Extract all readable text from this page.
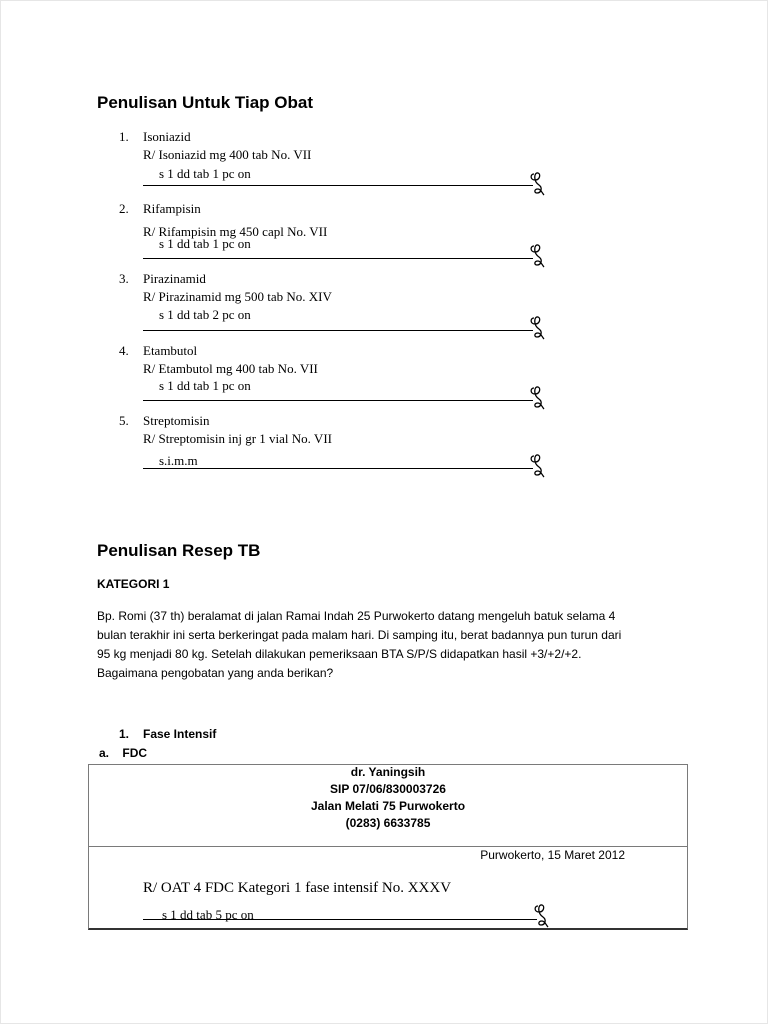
Penulisan Untuk Tiap Obat
1. Isoniazid
R/ Isoniazid mg 400 tab No. VII
s 1 dd tab 1 pc on
2. Rifampisin
R/ Rifampisin mg 450 capl No. VII
s 1 dd tab 1 pc on
3. Pirazinamid
R/ Pirazinamid mg 500 tab No. XIV
s 1 dd tab 2 pc on
4. Etambutol
R/ Etambutol mg 400 tab No. VII
s 1 dd tab 1 pc on
5. Streptomisin
R/ Streptomisin inj gr 1 vial No. VII
s.i.m.m
Penulisan Resep TB
KATEGORI 1
Bp. Romi (37 th) beralamat di jalan Ramai Indah 25 Purwokerto datang mengeluh batuk selama 4
bulan terakhir ini serta berkeringat pada malam hari. Di samping itu, berat badannya pun turun dari
95 kg menjadi 80 kg. Setelah dilakukan pemeriksaan BTA S/P/S didapatkan hasil +3/+2/+2.
Bagaimana pengobatan yang anda berikan?
1. Fase Intensif
a. FDC
dr. Yaningsih
SIP 07/06/830003726
Jalan Melati 75 Purwokerto
(0283) 6633785
Purwokerto, 15 Maret 2012
R/ OAT 4 FDC Kategori 1 fase intensif No. XXXV
s 1 dd tab 5 pc on
